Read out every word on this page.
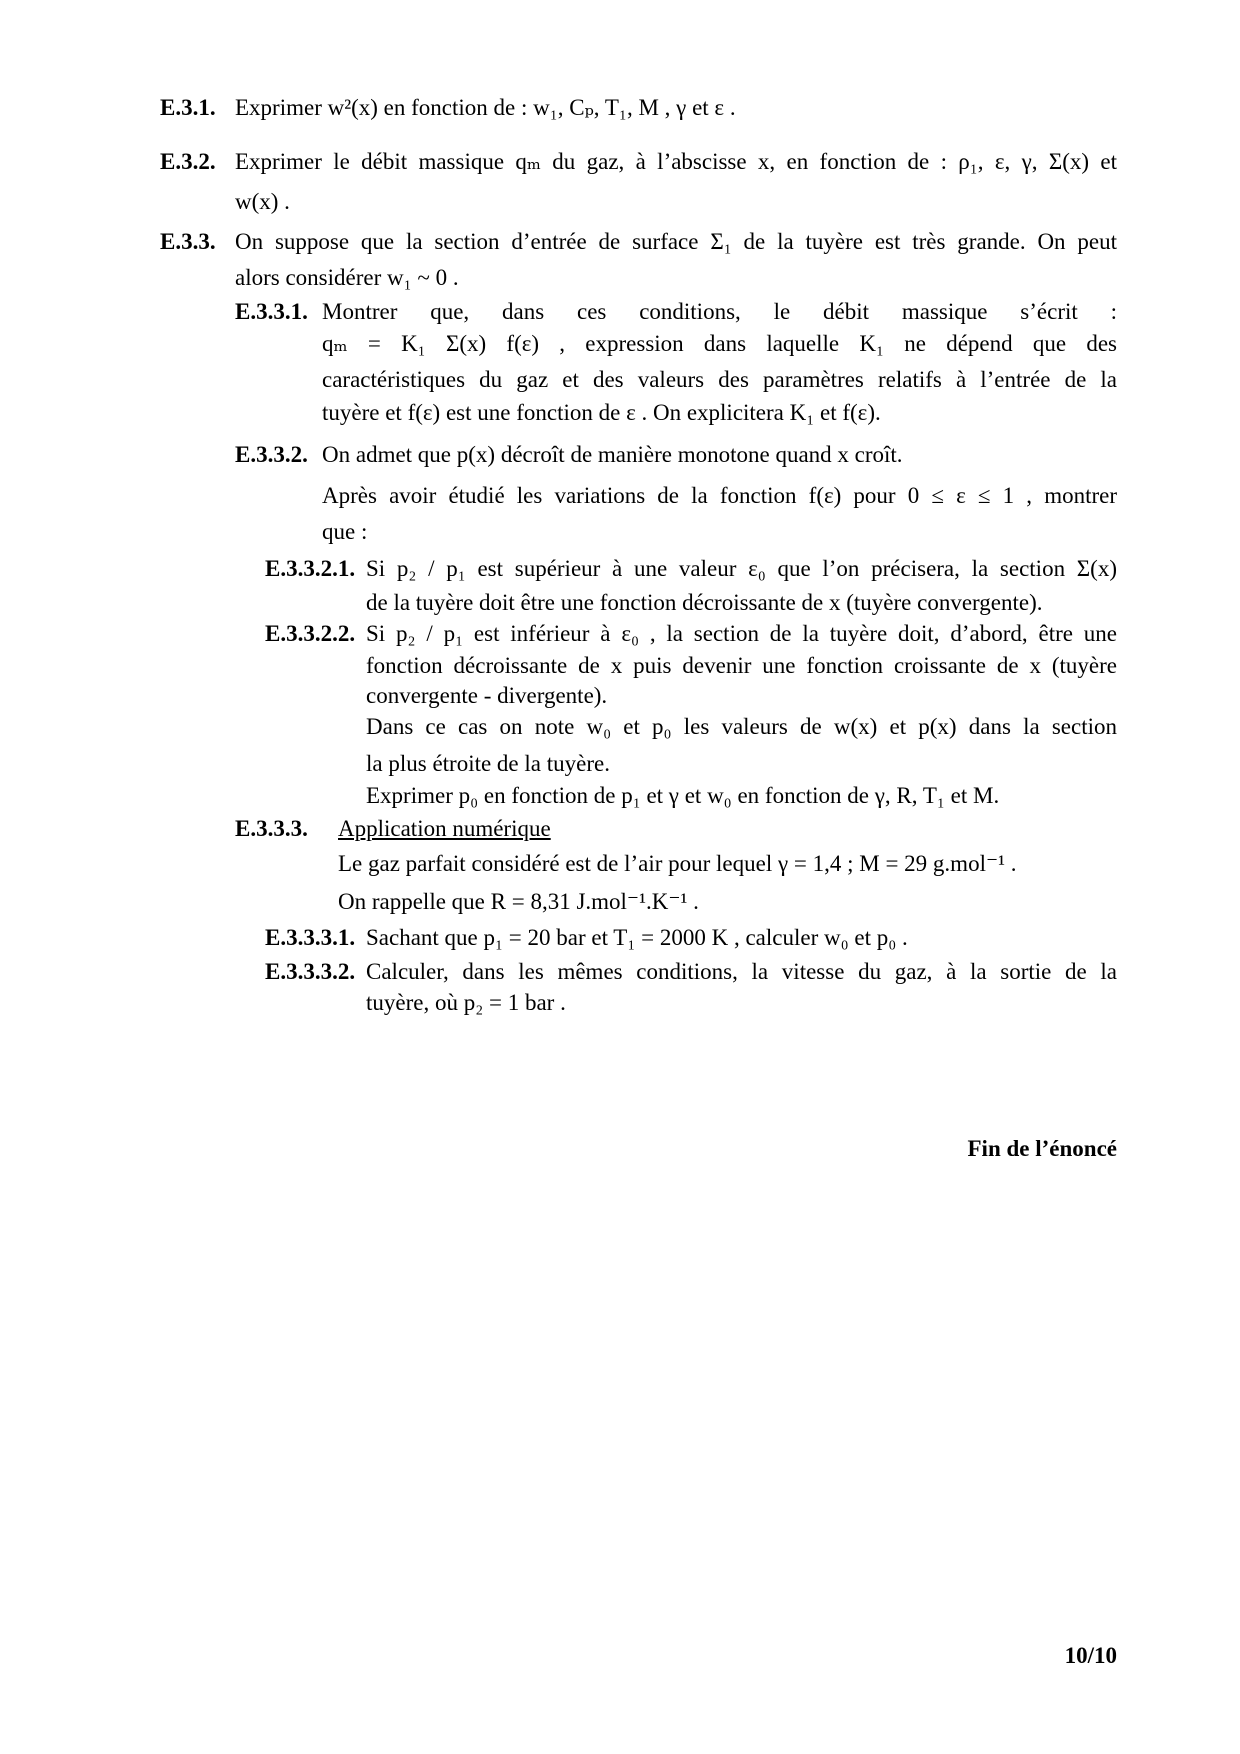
E.3.1. Exprimer w²(x) en fonction de : w₁, Cₚ, T₁, M , γ et ε .
E.3.2. Exprimer le débit massique qₘ du gaz, à l’abscisse x, en fonction de : ρ₁, ε, γ, Σ(x) et
w(x) .
E.3.3. On suppose que la section d’entrée de surface Σ₁ de la tuyère est très grande. On peut
alors considérer w₁ ~ 0 .
E.3.3.1. Montrer que, dans ces conditions, le débit massique s’écrit :
qₘ = K₁ Σ(x) f(ε) , expression dans laquelle K₁ ne dépend que des
caractéristiques du gaz et des valeurs des paramètres relatifs à l’entrée de la
tuyère et f(ε) est une fonction de ε . On explicitera K₁ et f(ε).
E.3.3.2. On admet que p(x) décroît de manière monotone quand x croît.
Après avoir étudié les variations de la fonction f(ε) pour 0 ≤ ε ≤ 1 , montrer
que :
E.3.3.2.1. Si p₂ / p₁ est supérieur à une valeur ε₀ que l’on précisera, la section Σ(x)
de la tuyère doit être une fonction décroissante de x (tuyère convergente).
E.3.3.2.2. Si p₂ / p₁ est inférieur à ε₀ , la section de la tuyère doit, d’abord, être une
fonction décroissante de x puis devenir une fonction croissante de x (tuyère
convergente - divergente).
Dans ce cas on note w₀ et p₀ les valeurs de w(x) et p(x) dans la section
la plus étroite de la tuyère.
Exprimer p₀ en fonction de p₁ et γ et w₀ en fonction de γ, R, T₁ et M.
E.3.3.3. Application numérique
Le gaz parfait considéré est de l’air pour lequel γ = 1,4 ; M = 29 g.mol⁻¹ .
On rappelle que R = 8,31 J.mol⁻¹.K⁻¹ .
E.3.3.3.1. Sachant que p₁ = 20 bar et T₁ = 2000 K , calculer w₀ et p₀ .
E.3.3.3.2. Calculer, dans les mêmes conditions, la vitesse du gaz, à la sortie de la
tuyère, où p₂ = 1 bar .
Fin de l’énoncé
10/10
